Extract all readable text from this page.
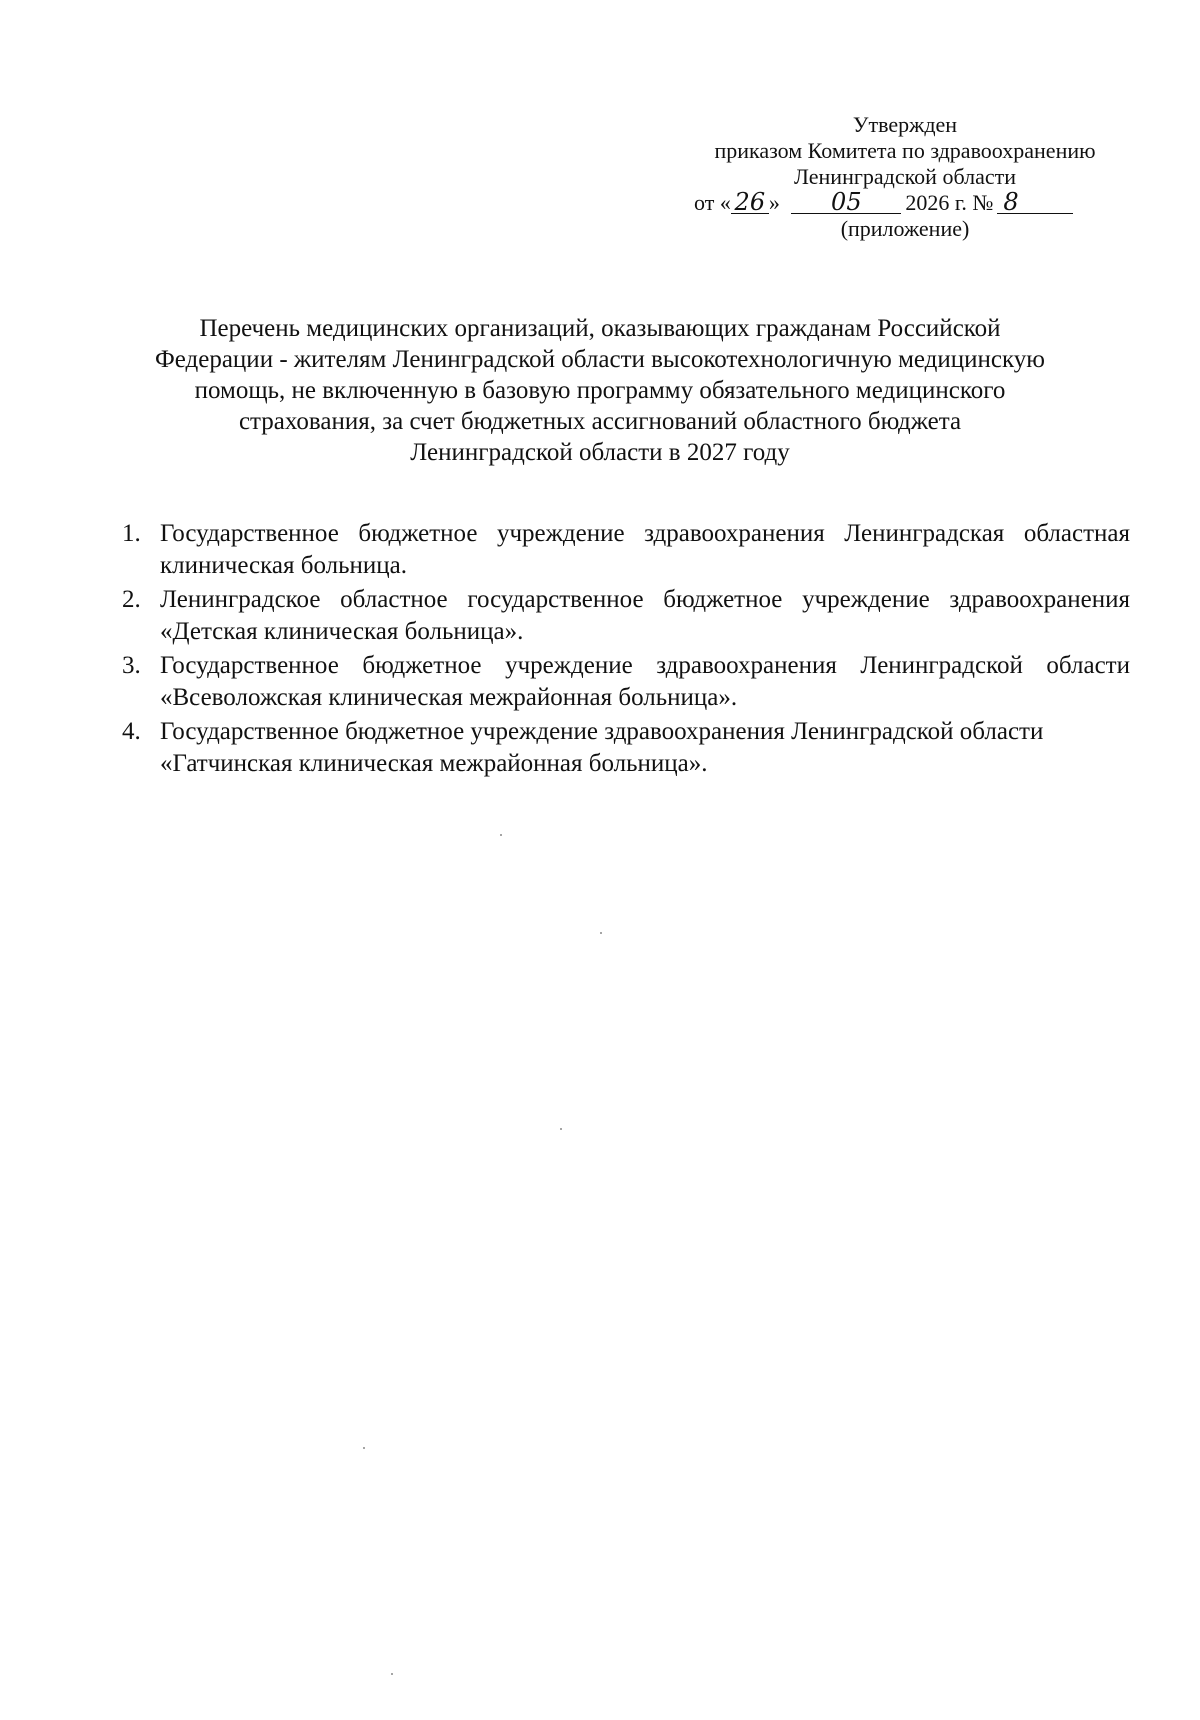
Утвержден
приказом Комитета по здравоохранению
Ленинградской области
от « 26 » 05 2026 г. № 8
(приложение)
Перечень медицинских организаций, оказывающих гражданам Российской
Федерации - жителям Ленинградской области высокотехнологичную медицинскую
помощь, не включенную в базовую программу обязательного медицинского
страхования, за счет бюджетных ассигнований областного бюджета
Ленинградской области в 2027 году
1. Государственное бюджетное учреждение здравоохранения Ленинградская областная клиническая больница.
2. Ленинградское областное государственное бюджетное учреждение здравоохранения «Детская клиническая больница».
3. Государственное бюджетное учреждение здравоохранения Ленинградской области «Всеволожская клиническая межрайонная больница».
4. Государственное бюджетное учреждение здравоохранения Ленинградской области «Гатчинская клиническая межрайонная больница».
